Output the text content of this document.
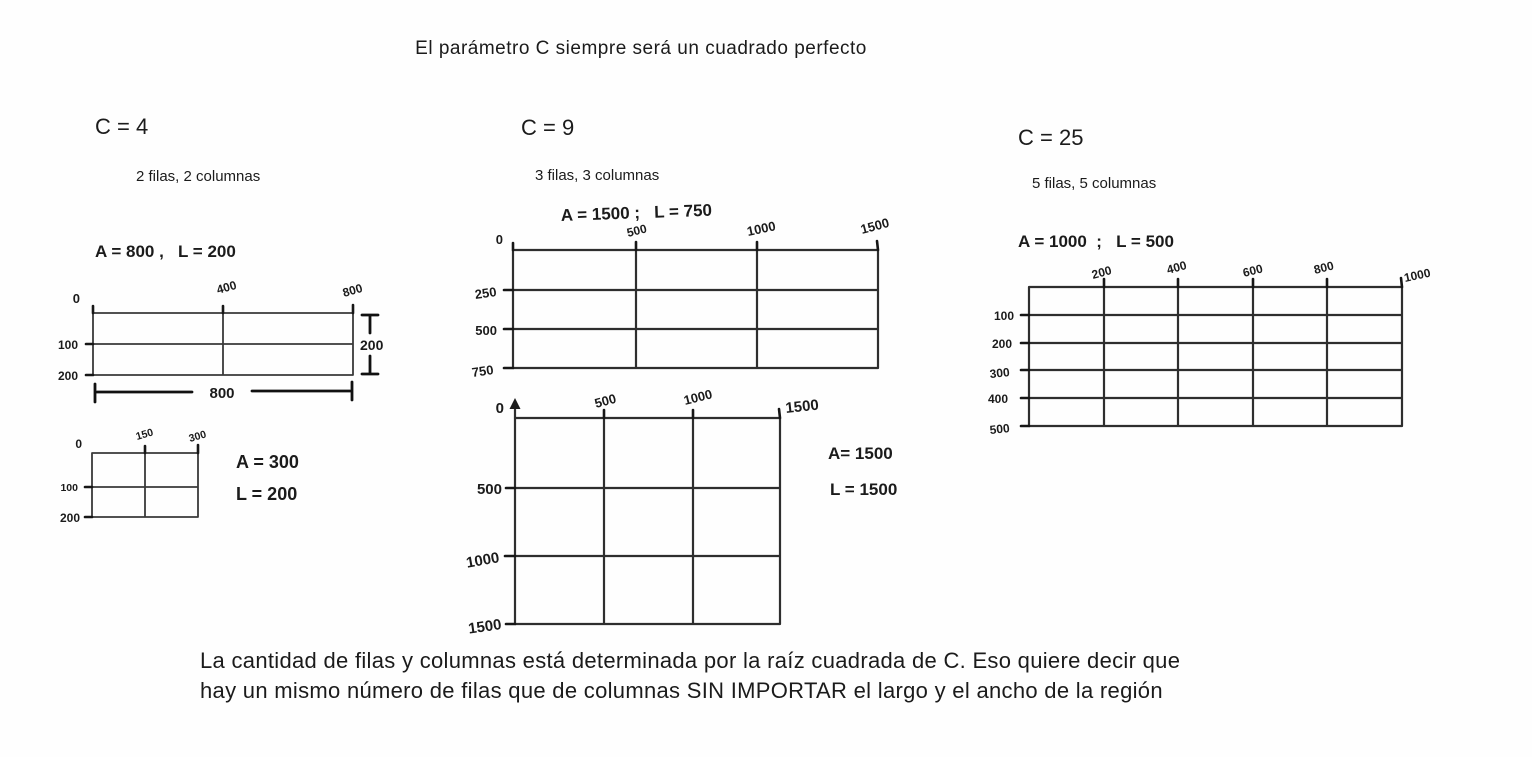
El parámetro C siempre será un cuadrado perfecto
C = 4
2 filas, 2 columnas
A = 800 ,   L = 200
0
400	800
100
200
200
800
0
150	300
100
200
A = 300
L = 200
C = 9
3 filas, 3 columnas
A = 1500 ;   L = 750
0	500	1000	1500
250
500
750
0	500	1000	1500
500
1000
1500
A= 1500
L = 1500
C = 25
5 filas, 5 columnas
A = 1000  ;   L = 500
200	400	600	800	1000
100
200
300
400
500
La cantidad de filas y columnas está determinada por la raíz cuadrada de C. Eso quiere decir que
hay un mismo número de filas que de columnas SIN IMPORTAR el largo y el ancho de la región
